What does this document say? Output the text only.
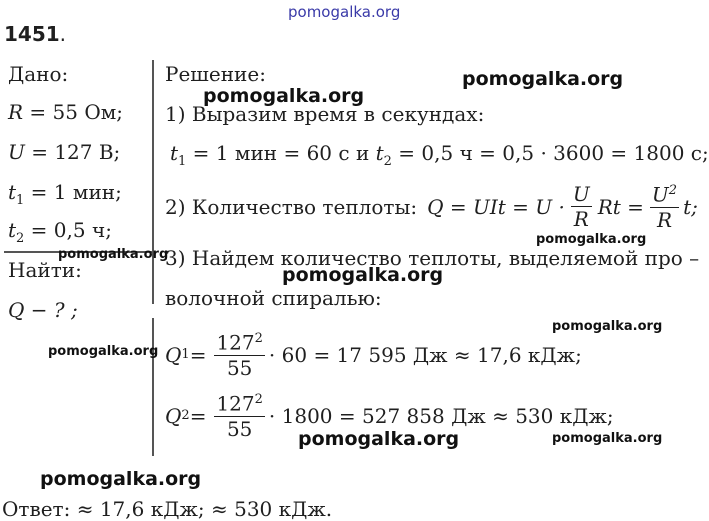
pomogalka.org
1451.
Дано:
R = 55 Ом;
U = 127 В;
$t_1 = 1$ мин;
$t_2 = 0,5$ ч;
Найти:
Q − ? ;
Решение:
1) Выразим время в секундах:
$t_1 = 1$ мин = 60 с и $t_2 = 0,5$ ч = 0,5 · 3600 = 1800 с;
2) Количество теплоты: Q = UIt = $U \cdot \frac{U}{R}$ $Rt = \frac{U^2}{R} t$;
3) Найдем количество теплоты, выделяемой про –
волочной спиралью:
Q $1 = \frac{127^2}{55} \cdot 60 = 17$ 595 Дж ≈ 17,6 кДж;
Q $2 = \frac{127^2}{55} \cdot 1800 = 527$ 858 Дж ≈ 530 кДж;
Ответ: ≈ 17,6 кДж; ≈ 530 кДж.
pomogalka.org
pomogalka.org
pomogalka.org
pomogalka.org
pomogalka.org
pomogalka.org
pomogalka.org
pomogalka.org	pomogalka.org
pomogalka.org
